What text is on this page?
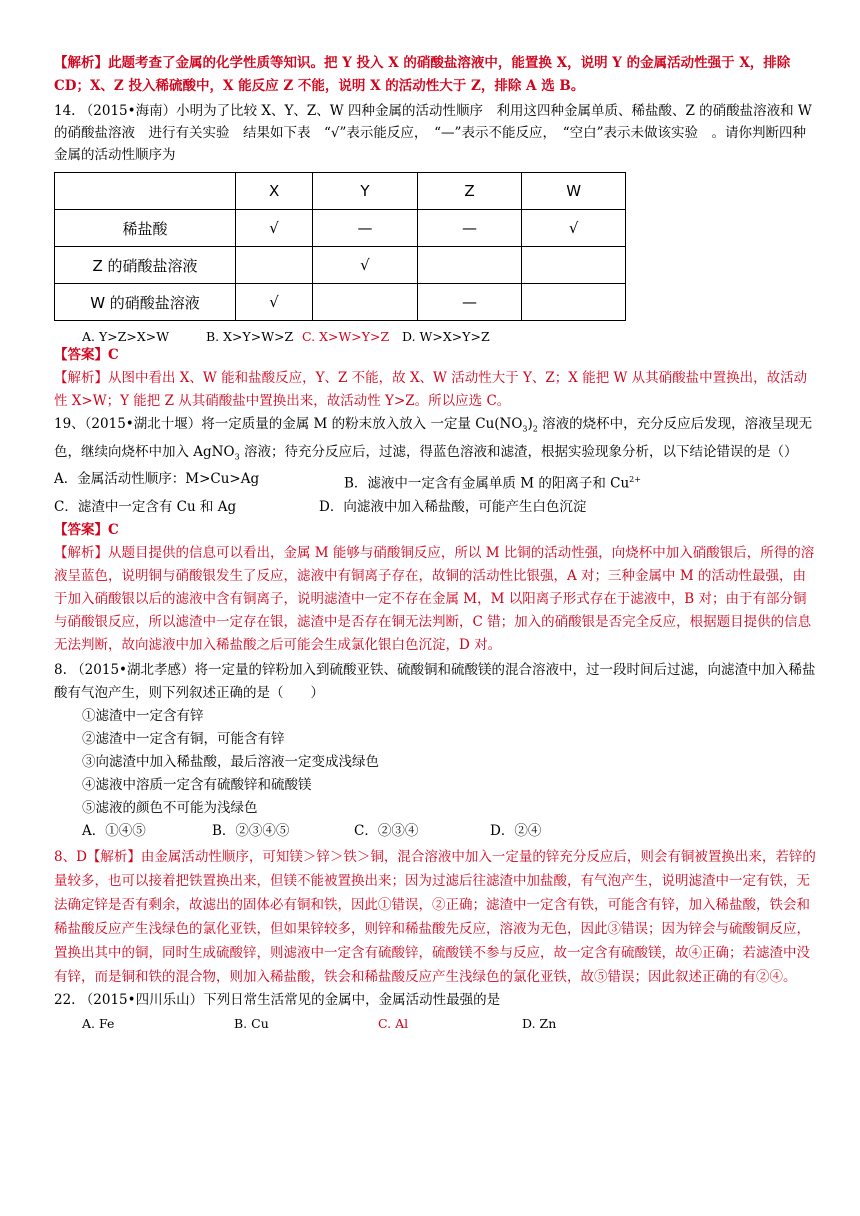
【解析】此题考查了金属的化学性质等知识。把 Y 投入 X 的硝酸盐溶液中，能置换 X，说明 Y 的金属活动性强于 X，排除 CD；X、Z 投入稀硫酸中，X 能反应 Z 不能，说明 X 的活动性大于 Z，排除 A 选 B。

14. （2015•海南）小明为了比较 X、Y、Z、W 四种金属的活动性顺序　利用这四种金属单质、稀盐酸、Z 的硝酸盐溶液和 W 的硝酸盐溶液　进行有关实验　结果如下表　“√”表示能反应，　“—”表示不能反应，　“空白”表示未做该实验　。请你判断四种金属的活动性顺序为

	X	Y	Z	W
稀盐酸	√	—	—	√
Z 的硝酸盐溶液		√		
W 的硝酸盐溶液	√		—	
A. Y>Z>X>W	B. X>Y>W>Z C. X>W>Y>Z	D. W>X>Y>Z

【答案】C

【解析】从图中看出 X、W 能和盐酸反应，Y、Z 不能，故 X、W 活动性大于 Y、Z；X 能把 W 从其硝酸盐中置换出，故活动性 X>W；Y 能把 Z 从其硝酸盐中置换出来，故活动性 Y>Z。所以应选 C。

19、（2015•湖北十堰）将一定质量的金属 M 的粉末放入放入 一定量 $Cu(NO_3)_2$ 溶液的烧杯中，充分反应后发现，溶液呈现无色，继续向烧杯中加入 AgNO$_3$ 溶液；待充分反应后，过滤，得蓝色溶液和滤渣，根据实验现象分析，以下结论错误的是（）

A．金属活动性顺序：M>Cu>Ag	B．滤液中一定含有金属单质 M 的阳离子和 $Cu^{2+}$
C．滤渣中一定含有 Cu 和 Ag	D．向滤液中加入稀盐酸，可能产生白色沉淀

【答案】C

【解析】从题目提供的信息可以看出，金属 M 能够与硝酸铜反应，所以 M 比铜的活动性强，向烧杯中加入硝酸银后，所得的溶液呈蓝色，说明铜与硝酸银发生了反应，滤液中有铜离子存在，故铜的活动性比银强，A 对；三种金属中 M 的活动性最强，由于加入硝酸银以后的滤液中含有铜离子，说明滤渣中一定不存在金属 M，M 以阳离子形式存在于滤液中，B 对；由于有部分铜与硝酸银反应，所以滤渣中一定存在银，滤渣中是否存在铜无法判断，C 错；加入的硝酸银是否完全反应，根据题目提供的信息无法判断，故向滤液中加入稀盐酸之后可能会生成氯化银白色沉淀，D 对。

8. （2015•湖北孝感）将一定量的锌粉加入到硫酸亚铁、硫酸铜和硫酸镁的混合溶液中，过一段时间后过滤，向滤渣中加入稀盐酸有气泡产生，则下列叙述正确的是（　　）

①滤渣中一定含有锌

②滤渣中一定含有铜，可能含有锌

③向滤渣中加入稀盐酸，最后溶液一定变成浅绿色

④滤液中溶质一定含有硫酸锌和硫酸镁

⑤滤液的颜色不可能为浅绿色

A．①④⑤	B．②③④⑤	C．②③④	D．②④

8、D【解析】由金属活动性顺序，可知镁＞锌＞铁＞铜，混合溶液中加入一定量的锌充分反应后，则会有铜被置换出来，若锌的量较多，也可以接着把铁置换出来，但镁不能被置换出来；因为过滤后往滤渣中加盐酸，有气泡产生，说明滤渣中一定有铁，无法确定锌是否有剩余，故滤出的固体必有铜和铁，因此①错误，②正确；滤渣中一定含有铁，可能含有锌，加入稀盐酸，铁会和稀盐酸反应产生浅绿色的氯化亚铁，但如果锌较多，则锌和稀盐酸先反应，溶液为无色，因此③错误；因为锌会与硫酸铜反应，置换出其中的铜，同时生成硫酸锌，则滤液中一定含有硫酸锌，硫酸镁不参与反应，故一定含有硫酸镁，故④正确；若滤渣中没有锌，而是铜和铁的混合物，则加入稀盐酸，铁会和稀盐酸反应产生浅绿色的氯化亚铁，故⑤错误；因此叙述正确的有②④。

22. （2015•四川乐山）下列日常生活常见的金属中，金属活动性最强的是

A. Fe	B. Cu	C. Al	D. Zn
